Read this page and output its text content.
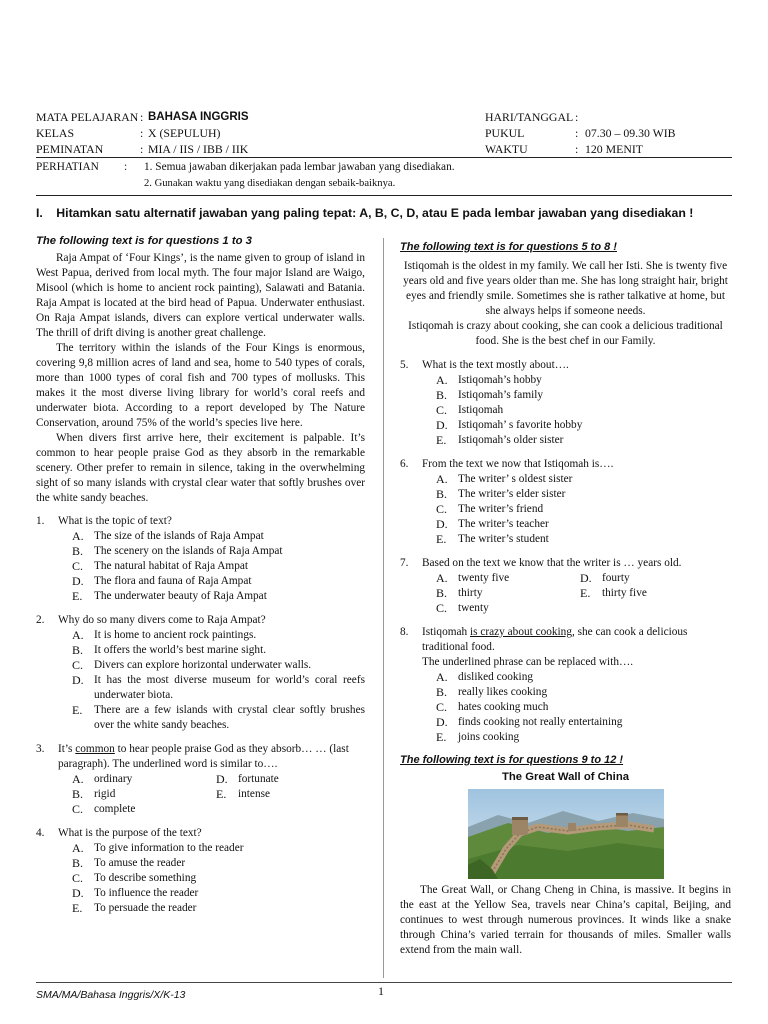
MATA PELAJARAN : BAHASA INGGRIS	HARI/TANGGAL :
KELAS	: X (SEPULUH)	PUKUL	: 07.30 – 09.30 WIB
PEMINATAN	: MIA / IIS / IBB / IIK	WAKTU	: 120 MENIT
PERHATIAN : 1. Semua jawaban dikerjakan pada lembar jawaban yang disediakan.
2. Gunakan waktu yang disediakan dengan sebaik-baiknya.
I. Hitamkan satu alternatif jawaban yang paling tepat: A, B, C, D, atau E pada lembar jawaban yang disediakan !
The following text is for questions 1 to 3

Raja Ampat of ‘Four Kings’, is the name given to group of island in West Papua, derived from local myth. The four major Island are Waigo, Misool (which is home to ancient rock painting), Salawati and Batania. Raja Ampat is located at the bird head of Papua. Underwater enthusiast. On Raja Ampat islands, divers can explore vertical underwater walls. The thrill of drift diving is another great challenge.

The territory within the islands of the Four Kings is enormous, covering 9,8 million acres of land and sea, home to 540 types of corals, more than 1000 types of coral fish and 700 types of mollusks. This makes it the most diverse living library for world’s coral reefs and underwater biota. According to a report developed by The Nature Conservation, around 75% of the world’s species live here.

When divers first arrive here, their excitement is palpable. It’s common to hear people praise God as they absorb in the remarkable scenery. Other prefer to remain in silence, taking in the overwhelming sight of so many islands with crystal clear water that softly brushes over the white sandy beaches.

1. What is the topic of text?
A. The size of the islands of Raja Ampat
B. The scenery on the islands of Raja Ampat
C. The natural habitat of Raja Ampat
D. The flora and fauna of Raja Ampat
E. The underwater beauty of Raja Ampat
2. Why do so many divers come to Raja Ampat?
A. It is home to ancient rock paintings.
B. It offers the world’s best marine sight.
C. Divers can explore horizontal underwater walls.
D. It has the most diverse museum for world’s coral reefs underwater biota.
E. There are a few islands with crystal clear softly brushes over the white sandy beaches.
3. It’s common to hear people praise God as they absorb… … (last paragraph). The underlined word is similar to….
A. ordinary	D. fortunate
B. rigid	E. intense
C. complete
4. What is the purpose of the text?
A. To give information to the reader
B. To amuse the reader
C. To describe something
D. To influence the reader
E. To persuade the reader
The following text is for questions 5 to 8 !

Istiqomah is the oldest in my family. We call her Isti. She is twenty five years old and five years older than me. She has long straight hair, bright eyes and friendly smile. Sometimes she is rather talkative at home, but she always helps if someone needs.

Istiqomah is crazy about cooking, she can cook a delicious traditional food. She is the best chef in our Family.

5. What is the text mostly about….
A. Istiqomah’s hobby
B. Istiqomah’s family
C. Istiqomah
D. Istiqomah’ s favorite hobby
E. Istiqomah’s older sister
6. From the text we now that Istiqomah is….
A. The writer’ s oldest sister
B. The writer’s elder sister
C. The writer’s friend
D. The writer’s teacher
E. The writer’s student
7. Based on the text we know that the writer is … years old.
A. twenty five	D. fourty
B. thirty	E. thirty five
C. twenty
8. Istiqomah is crazy about cooking, she can cook a delicious traditional food.
The underlined phrase can be replaced with….
A. disliked cooking
B. really likes cooking
C. hates cooking much
D. finds cooking not really entertaining
E. joins cooking
The following text is for questions 9 to 12 !
The Great Wall of China

The Great Wall, or Chang Cheng in China, is massive. It begins in the east at the Yellow Sea, travels near China’s capital, Beijing, and continues to west through numerous provinces. It winds like a snake through China’s varied terrain for thousands of miles. Smaller walls extend from the main wall.

SMA/MA/Bahasa Inggris/X/K-13	1
